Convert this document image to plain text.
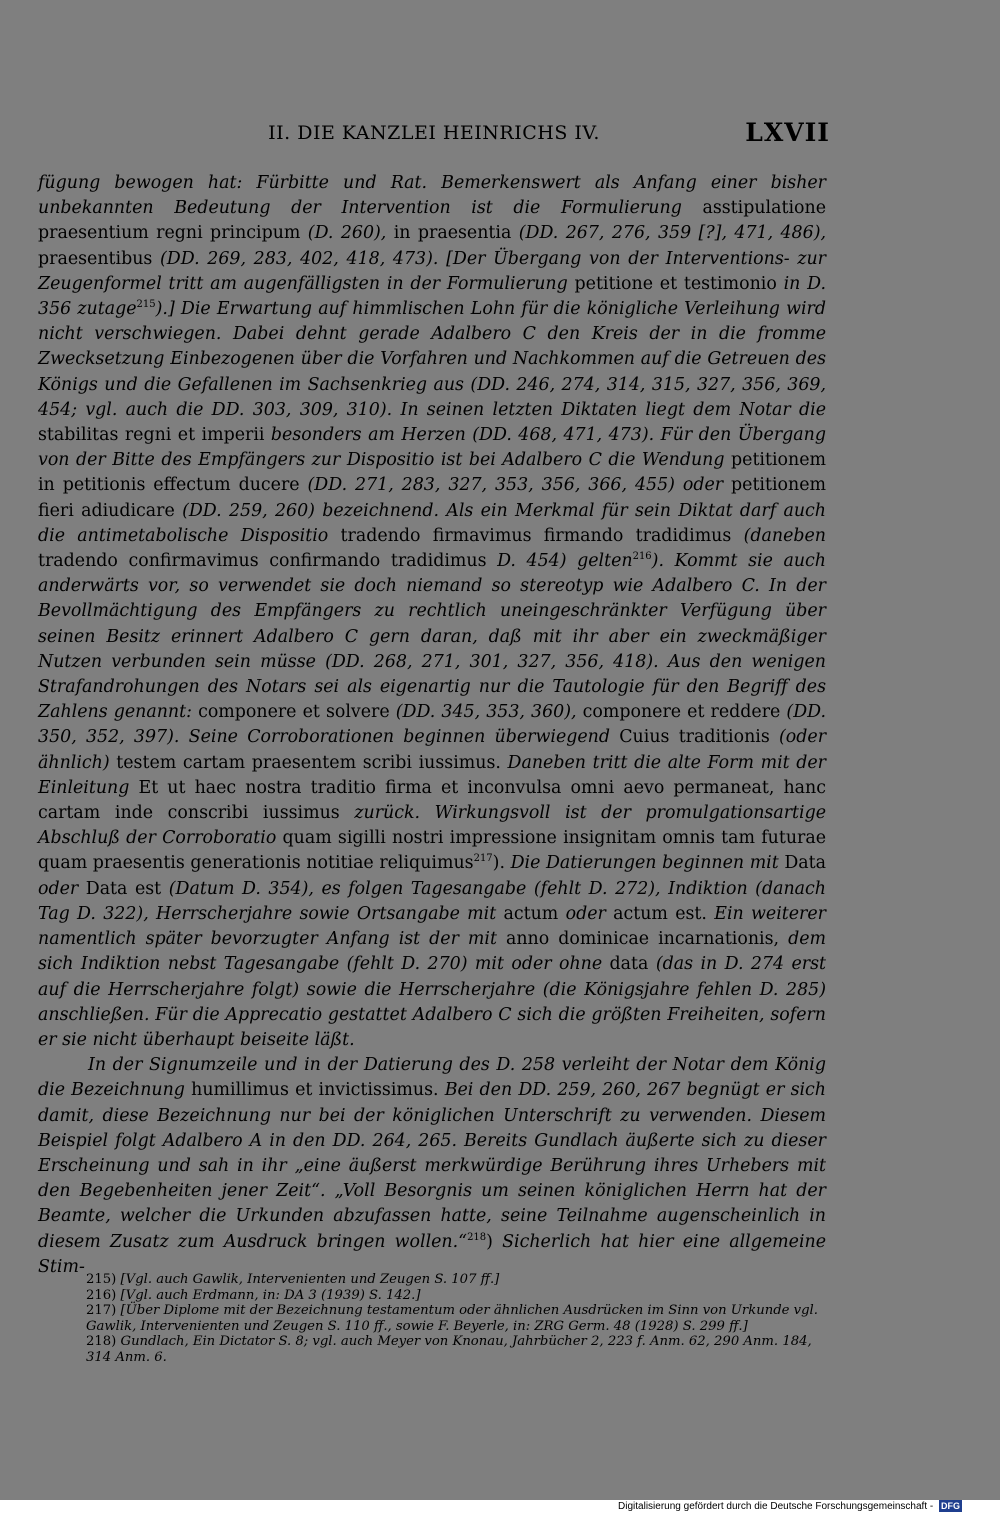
II. DIE KANZLEI HEINRICHS IV.	LXVII

fügung bewogen hat: Fürbitte und Rat. Bemerkenswert als Anfang einer bisher unbekannten Bedeutung der Intervention ist die Formulierung asstipulatione praesentium regni principum (D. 260), in praesentia (DD. 267, 276, 359 [?], 471, 486), praesentibus (DD. 269, 283, 402, 418, 473). [Der Übergang von der Interventions- zur Zeugenformel tritt am augenfälligsten in der Formulierung petitione et testimonio in D. 356 zutage$^{215}$).] Die Erwartung auf himmlischen Lohn für die königliche Verleihung wird nicht verschwiegen. Dabei dehnt gerade Adalbero C den Kreis der in die fromme Zwecksetzung Einbezogenen über die Vorfahren und Nachkommen auf die Getreuen des Königs und die Gefallenen im Sachsenkrieg aus (DD. 246, 274, 314, 315, 327, 356, 369, 454; vgl. auch die DD. 303, 309, 310). In seinen letzten Diktaten liegt dem Notar die stabilitas regni et imperii besonders am Herzen (DD. 468, 471, 473). Für den Übergang von der Bitte des Empfängers zur Dispositio ist bei Adalbero C die Wendung petitionem in petitionis effectum ducere (DD. 271, 283, 327, 353, 356, 366, 455) oder petitionem fieri adiudicare (DD. 259, 260) bezeichnend. Als ein Merkmal für sein Diktat darf auch die antimetabolische Dispositio tradendo firmavimus firmando tradidimus (daneben tradendo confirmavimus confirmando tradidimus D. 454) gelten$^{216}$). Kommt sie auch anderwärts vor, so verwendet sie doch niemand so stereotyp wie Adalbero C. In der Bevollmächtigung des Empfängers zu rechtlich uneingeschränkter Verfügung über seinen Besitz erinnert Adalbero C gern daran, daß mit ihr aber ein zweckmäßiger Nutzen verbunden sein müsse (DD. 268, 271, 301, 327, 356, 418). Aus den wenigen Strafandrohungen des Notars sei als eigenartig nur die Tautologie für den Begriff des Zahlens genannt: componere et solvere (DD. 345, 353, 360), componere et reddere (DD. 350, 352, 397). Seine Corroborationen beginnen überwiegend Cuius traditionis (oder ähnlich) testem cartam praesentem scribi iussimus. Daneben tritt die alte Form mit der Einleitung Et ut haec nostra traditio firma et inconvulsa omni aevo permaneat, hanc cartam inde conscribi iussimus zurück. Wirkungsvoll ist der promulgationsartige Abschluß der Corroboratio quam sigilli nostri impressione insignitam omnis tam futurae quam praesentis generationis notitiae reliquimus$^{217}$). Die Datierungen beginnen mit Data oder Data est (Datum D. 354), es folgen Tagesangabe (fehlt D. 272), Indiktion (danach Tag D. 322), Herrscherjahre sowie Ortsangabe mit actum oder actum est. Ein weiterer namentlich später bevorzugter Anfang ist der mit anno dominicae incarnationis, dem sich Indiktion nebst Tagesangabe (fehlt D. 270) mit oder ohne data (das in D. 274 erst auf die Herrscherjahre folgt) sowie die Herrscherjahre (die Königsjahre fehlen D. 285) anschließen. Für die Apprecatio gestattet Adalbero C sich die größten Freiheiten, sofern er sie nicht überhaupt beiseite läßt.

In der Signumzeile und in der Datierung des D. 258 verleiht der Notar dem König die Bezeichnung humillimus et invictissimus. Bei den DD. 259, 260, 267 begnügt er sich damit, diese Bezeichnung nur bei der königlichen Unterschrift zu verwenden. Diesem Beispiel folgt Adalbero A in den DD. 264, 265. Bereits Gundlach äußerte sich zu dieser Erscheinung und sah in ihr „eine äußerst merkwürdige Berührung ihres Urhebers mit den Begebenheiten jener Zeit“. „Voll Besorgnis um seinen königlichen Herrn hat der Beamte, welcher die Urkunden abzufassen hatte, seine Teilnahme augenscheinlich in diesem Zusatz zum Ausdruck bringen wollen.“$^{218}$) Sicherlich hat hier eine allgemeine Stim-

215) [Vgl. auch Gawlik, Intervenienten und Zeugen S. 107 ff.]

216) [Vgl. auch Erdmann, in: DA 3 (1939) S. 142.]

217) [Über Diplome mit der Bezeichnung testamentum oder ähnlichen Ausdrücken im Sinn von Urkunde vgl. Gawlik, Intervenienten und Zeugen S. 110 ff., sowie F. Beyerle, in: ZRG Germ. 48 (1928) S. 299 ff.]

218) Gundlach, Ein Dictator S. 8; vgl. auch Meyer von Knonau, Jahrbücher 2, 223 f. Anm. 62, 290 Anm. 184, 314 Anm. 6.

Digitalisierung gefördert durch die Deutsche Forschungsgemeinschaft - DFG
